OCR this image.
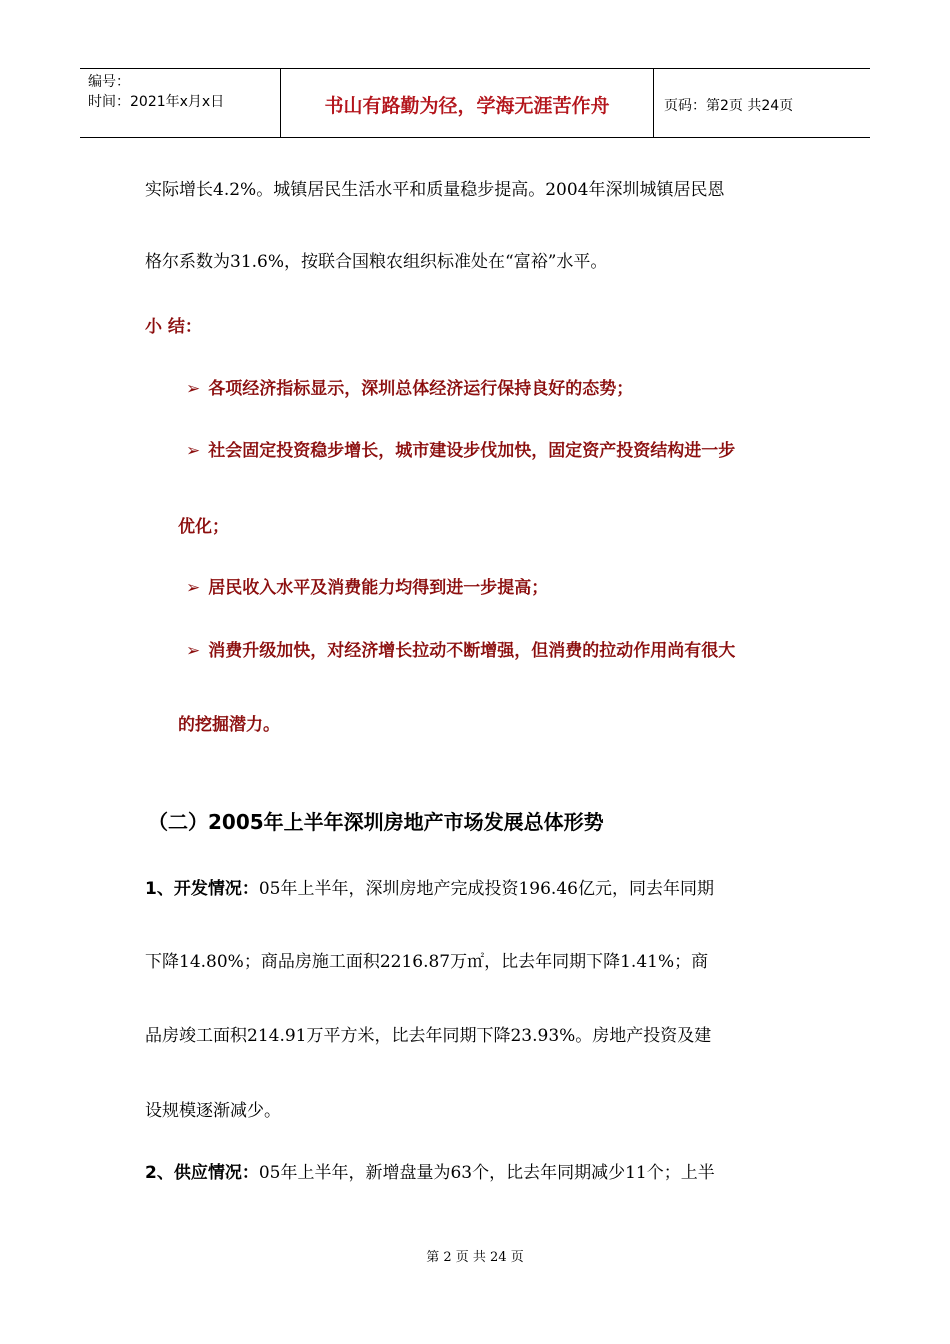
编号：
时间：2021年x月x日	书山有路勤为径，学海无涯苦作舟	页码：第2页 共24页
实际增长4.2%。城镇居民生活水平和质量稳步提高。2004年深圳城镇居民恩
格尔系数为31.6%，按联合国粮农组织标准处在“富裕”水平。
小 结：
➢ 各项经济指标显示，深圳总体经济运行保持良好的态势；
➢ 社会固定投资稳步增长，城市建设步伐加快，固定资产投资结构进一步
优化；
➢ 居民收入水平及消费能力均得到进一步提高；
➢ 消费升级加快，对经济增长拉动不断增强，但消费的拉动作用尚有很大
的挖掘潜力。
（二）2005年上半年深圳房地产市场发展总体形势
1、开发情况：05年上半年，深圳房地产完成投资196.46亿元，同去年同期
下降14.80%；商品房施工面积2216.87万㎡，比去年同期下降1.41%；商
品房竣工面积214.91万平方米，比去年同期下降23.93%。房地产投资及建
设规模逐渐减少。
2、供应情况：05年上半年，新增盘量为63个，比去年同期减少11个；上半
第 2 页 共 24 页
